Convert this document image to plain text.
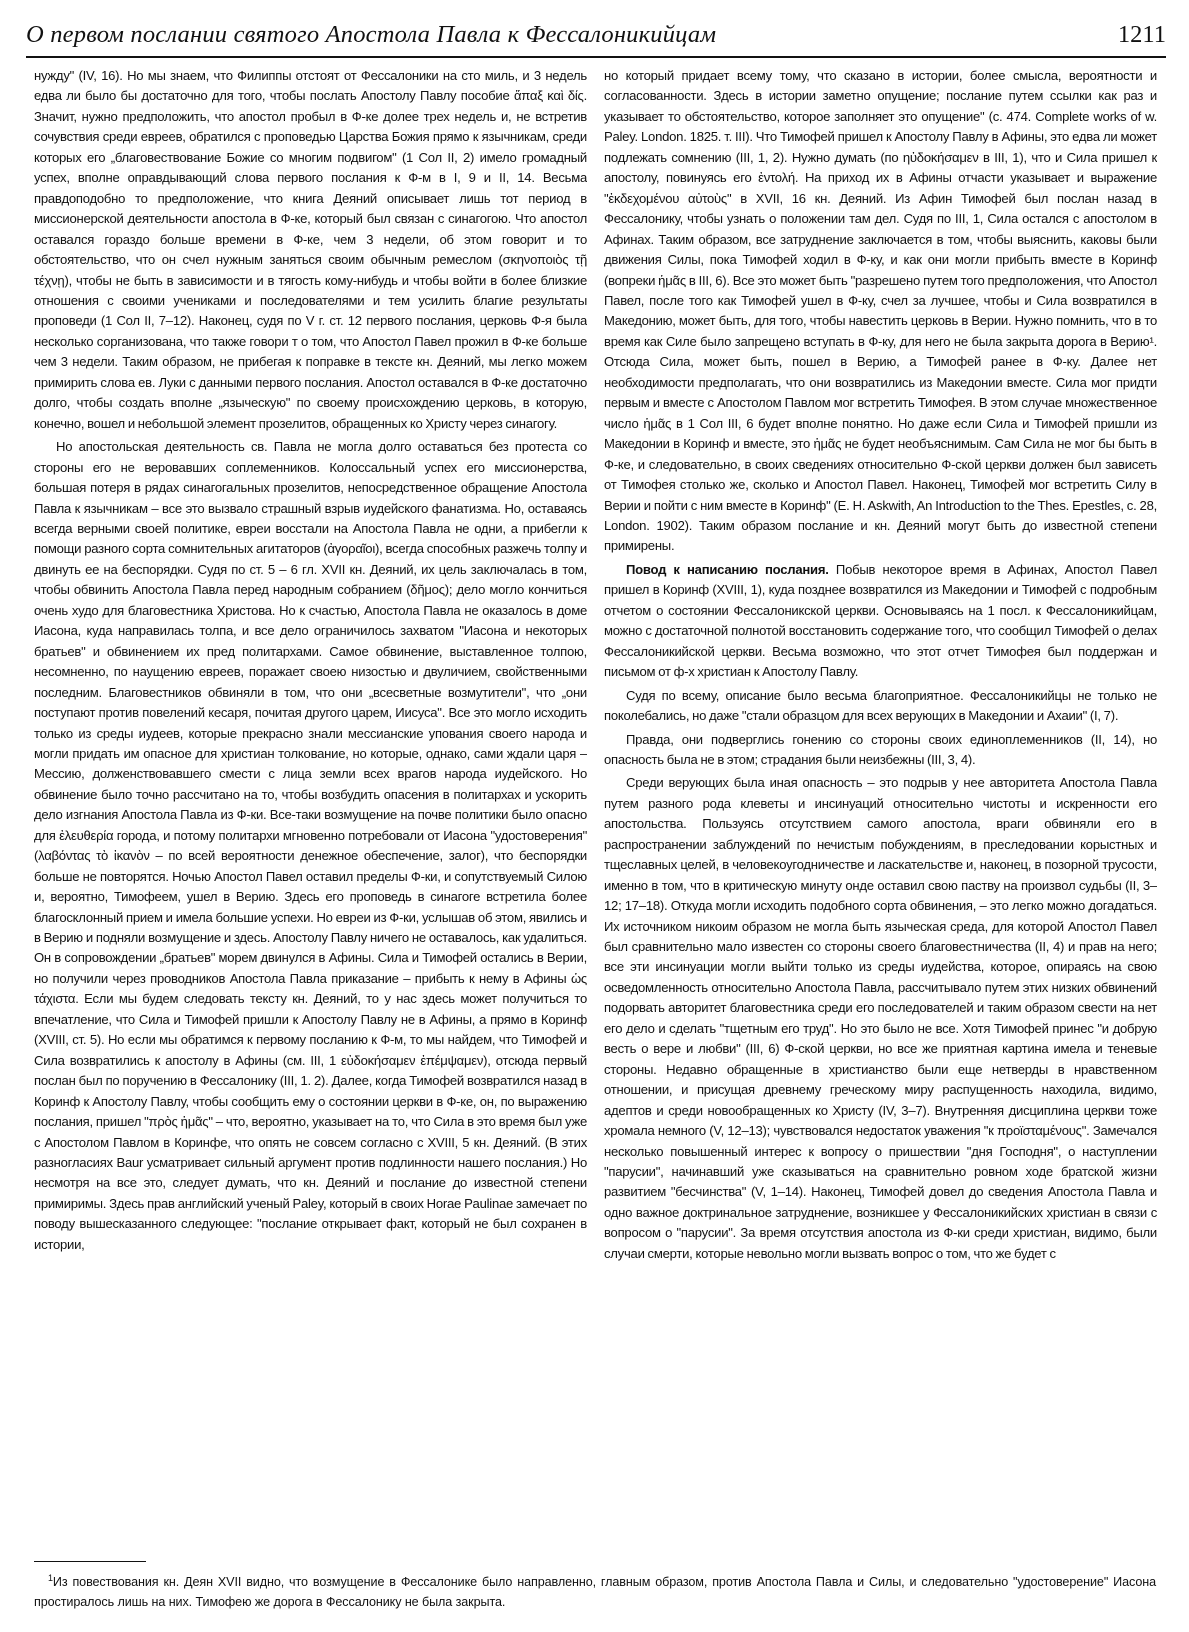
О первом послании святого Апостола Павла к Фессалоникийцам	1211

нужду" (IV, 16). Но мы знаем, что Филиппы отстоят от Фессалоники на сто миль, и 3 недель едва ли было бы достаточно для того, чтобы послать Апостолу Павлу пособие ἅπαξ καὶ δίς. Значит, нужно предположить, что апостол пробыл в Ф-ке долее трех недель и, не встретив сочувствия среди евреев, обратился с проповедью Царства Божия прямо к язычникам, среди которых его „благовествование Божие со многим подвигом" (1 Сол II, 2) имело громадный успех, вполне оправдывающий слова первого послания к Ф-м в I, 9 и II, 14. Весьма правдоподобно то предположение, что книга Деяний описывает лишь тот период в миссионерской деятельности апостола в Ф-ке, который был связан с синагогою. Что апостол оставался гораздо больше времени в Ф-ке, чем 3 недели, об этом говорит и то обстоятельство, что он счел нужным заняться своим обычным ремеслом (σκηνοποιὸς τῇ τέχνῃ), чтобы не быть в зависимости и в тягость кому-нибудь и чтобы войти в более близкие отношения с своими учениками и последователями и тем усилить благие результаты проповеди (1 Сол II, 7–12). Наконец, судя по V г. ст. 12 первого послания, церковь Ф-я была несколько сорганизована, что также говори т о том, что Апостол Павел прожил в Ф-ке больше чем 3 недели. Таким образом, не прибегая к поправке в тексте кн. Деяний, мы легко можем примирить слова ев. Луки с данными первого послания. Апостол оставался в Ф-ке достаточно долго, чтобы создать вполне „языческую" по своему происхождению церковь, в которую, конечно, вошел и небольшой элемент прозелитов, обращенных ко Христу через синагогу.

Но апостольская деятельность св. Павла не могла долго оставаться без протеста со стороны его не веровавших соплеменников. Колоссальный успех его миссионерства, большая потеря в рядах синагогальных прозелитов, непосредственное обращение Апостола Павла к язычникам – все это вызвало страшный взрыв иудейского фанатизма. Но, оставаясь всегда верными своей политике, евреи восстали на Апостола Павла не одни, а прибегли к помощи разного сорта сомнительных агитаторов (ἀγοραῖοι), всегда способных разжечь толпу и двинуть ее на беспорядки. Судя по ст. 5 – 6 гл. XVII кн. Деяний, их цель заключалась в том, чтобы обвинить Апостола Павла перед народным собранием (δῆμος); дело могло кончиться очень худо для благовестника Христова. Но к счастью, Апостола Павла не оказалось в доме Иасона, куда направилась толпа, и все дело ограничилось захватом "Иасона и некоторых братьев" и обвинением их пред политархами. Самое обвинение, выставленное толпою, несомненно, по наущению евреев, поражает своею низостью и двуличием, свойственными последним. Благовестников обвиняли в том, что они „всесветные возмутители", что „они поступают против повелений кесаря, почитая другого царем, Иисуса". Все это могло исходить только из среды иудеев, которые прекрасно знали мессианские упования своего народа и могли придать им опасное для христиан толкование, но которые, однако, сами ждали царя – Мессию, долженствовавшего смести с лица земли всех врагов народа иудейского. Но обвинение было точно рассчитано на то, чтобы возбудить опасения в политархах и ускорить дело изгнания Апостола Павла из Ф-ки. Все-таки возмущение на почве политики было опасно для ἐλευθερία города, и потому политархи мгновенно потребовали от Иасона "удостоверения"(λαβόντας τὸ ἱκανὸν – по всей вероятности денежное обеспечение, залог), что беспорядки больше не повторятся. Ночью Апостол Павел оставил пределы Ф-ки, и сопутствуемый Силою и, вероятно, Тимофеем, ушел в Верию. Здесь его проповедь в синагоге встретила более благосклонный прием и имела большие успехи. Но евреи из Ф-ки, услышав об этом, явились и в Верию и подняли возмущение и здесь. Апостолу Павлу ничего не оставалось, как удалиться. Он в сопровождении „братьев" морем двинулся в Афины. Сила и Тимофей остались в Верии, но получили через проводников Апостола Павла приказание – прибыть к нему в Афины ὡς τάχιστα. Если мы будем следовать тексту кн. Деяний, то у нас здесь может получиться то впечатление, что Сила и Тимофей пришли к Апостолу Павлу не в Афины, а прямо в Коринф (XVIII, ст. 5). Но если мы обратимся к первому посланию к Ф-м, то мы найдем, что Тимофей и Сила возвратились к апостолу в Афины (см. III, 1 εὐδοκήσαμεν ἐπέμψαμεν), отсюда первый послан был по поручению в Фессалонику (III, 1. 2). Далее, когда Тимофей возвратился назад в Коринф к Апостолу Павлу, чтобы сообщить ему о состоянии церкви в Ф-ке, он, по выражению послания, пришел "πρὸς ἡμᾶς" – что, вероятно, указывает на то, что Сила в это время был уже с Апостолом Павлом в Коринфе, что опять не совсем согласно с XVIII, 5 кн. Деяний. (В этих разногласиях Baur усматривает сильный аргумент против подлинности нашего послания.) Но несмотря на все это, следует думать, что кн. Деяний и послание до известной степени примиримы. Здесь прав английский ученый Paley, который в своих Horae Paulinae замечает по поводу вышесказанного следующее: "послание открывает факт, который не был сохранен в истории,

но который придает всему тому, что сказано в истории, более смысла, вероятности и согласованности. Здесь в истории заметно опущение; послание путем ссылки как раз и указывает то обстоятельство, которое заполняет это опущение" (с. 474. Complete works of w. Paley. London. 1825. т. III). Что Тимофей пришел к Апостолу Павлу в Афины, это едва ли может подлежать сомнению (III, 1, 2). Нужно думать (по ηὐδοκήσαμεν в III, 1), что и Сила пришел к апостолу, повинуясь его ἐντολή. На приход их в Афины отчасти указывает и выражение "ἐκδεχομένου αὐτοὺς" в XVII, 16 кн. Деяний. Из Афин Тимофей был послан назад в Фессалонику, чтобы узнать о положении там дел. Судя по III, 1, Сила остался с апостолом в Афинах. Таким образом, все затруднение заключается в том, чтобы выяснить, каковы были движения Силы, пока Тимофей ходил в Ф-ку, и как они могли прибыть вместе в Коринф (вопреки ἡμᾶς в III, 6). Все это может быть "разрешено путем того предположения, что Апостол Павел, после того как Тимофей ушел в Ф-ку, счел за лучшее, чтобы и Сила возвратился в Македонию, может быть, для того, чтобы навестить церковь в Верии. Нужно помнить, что в то время как Силе было запрещено вступать в Ф-ку, для него не была закрыта дорога в Верию¹. Отсюда Сила, может быть, пошел в Верию, а Тимофей ранее в Ф-ку. Далее нет необходимости предполагать, что они возвратились из Македонии вместе. Сила мог придти первым и вместе с Апостолом Павлом мог встретить Тимофея. В этом случае множественное число ἡμᾶς в 1 Сол III, 6 будет вполне понятно. Но даже если Сила и Тимофей пришли из Македонии в Коринф и вместе, это ἡμᾶς не будет необъяснимым. Сам Сила не мог бы быть в Ф-ке, и следовательно, в своих сведениях относительно Ф-ской церкви должен был зависеть от Тимофея столько же, сколько и Апостол Павел. Наконец, Тимофей мог встретить Силу в Верии и пойти с ним вместе в Коринф" (E. H. Askwith, An Introduction to the Thes. Epestles, c. 28, London. 1902). Таким образом послание и кн. Деяний могут быть до известной степени примирены.

Повод к написанию послания. Побыв некоторое время в Афинах, Апостол Павел пришел в Коринф (XVIII, 1), куда позднее возвратился из Македонии и Тимофей с подробным отчетом о состоянии Фессалоникской церкви. Основываясь на 1 посл. к Фессалоникийцам, можно с достаточной полнотой восстановить содержание того, что сообщил Тимофей о делах Фессалоникийской церкви. Весьма возможно, что этот отчет Тимофея был поддержан и письмом от ф-х христиан к Апостолу Павлу.

Судя по всему, описание было весьма благоприятное. Фессалоникийцы не только не поколебались, но даже "стали образцом для всех верующих в Македонии и Ахаии" (I, 7).

Правда, они подверглись гонению со стороны своих единоплеменников (II, 14), но опасность была не в этом; страдания были неизбежны (III, 3, 4).

Среди верующих была иная опасность – это подрыв у нее авторитета Апостола Павла путем разного рода клеветы и инсинуаций относительно чистоты и искренности его апостольства. Пользуясь отсутствием самого апостола, враги обвиняли его в распространении заблуждений по нечистым побуждениям, в преследовании корыстных и тщеславных целей, в человекоугодничестве и ласкательстве и, наконец, в позорной трусости, именно в том, что в критическую минуту онде оставил свою паству на произвол судьбы (II, 3–12; 17–18). Откуда могли исходить подобного сорта обвинения, – это легко можно догадаться. Их источником никоим образом не могла быть языческая среда, для которой Апостол Павел был сравнительно мало известен со стороны своего благовестничества (II, 4) и прав на него; все эти инсинуации могли выйти только из среды иудейства, которое, опираясь на свою осведомленность относительно Апостола Павла, рассчитывало путем этих низких обвинений подорвать авторитет благовестника среди его последователей и таким образом свести на нет его дело и сделать "тщетным его труд". Но это было не все. Хотя Тимофей принес "и добрую весть о вере и любви" (III, 6) Ф-ской церкви, но все же приятная картина имела и теневые стороны. Недавно обращенные в христианство были еще нетверды в нравственном отношении, и присущая древнему греческому миру распущенность находила, видимо, адептов и среди новообращенных ко Христу (IV, 3–7). Внутренняя дисциплина церкви тоже хромала немного (V, 12–13); чувствовался недостаток уважения "к προϊσταμένους". Замечался несколько повышенный интерес к вопросу о пришествии "дня Господня", о наступлении "парусии", начинавший уже сказываться на сравнительно ровном ходе братской жизни развитием "бесчинства" (V, 1–14). Наконец, Тимофей довел до сведения Апостола Павла и одно важное доктринальное затруднение, возникшее у Фессалоникийских христиан в связи с вопросом о "парусии". За время отсутствия апостола из Ф-ки среди христиан, видимо, были случаи смерти, которые невольно могли вызвать вопрос о том, что же будет с

$^1$Из повествования кн. Деян XVII видно, что возмущение в Фессалонике было направленно, главным образом, против Апостола Павла и Силы, и следовательно "удостоверение" Иасона простиралось лишь на них. Тимофею же дорога в Фессалонику не была закрыта.
